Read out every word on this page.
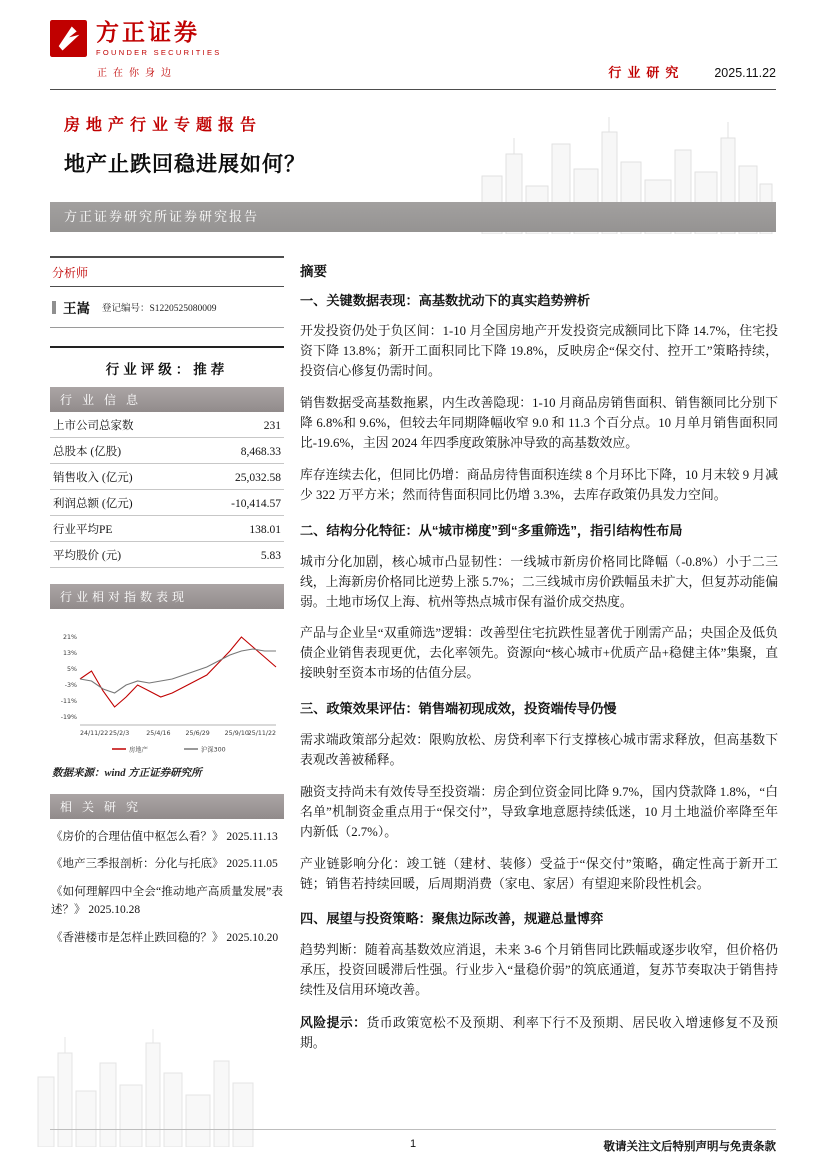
方正证券
FOUNDER SECURITIES
正在你身边	行业研究 2025.11.22
房地产行业专题报告
地产止跌回稳进展如何？
方正证券研究所证券研究报告
分析师
王嵩 登记编号：S1220525080009
行业评级：推荐
行业信息
上市公司总家数	231
总股本 (亿股)	8,468.33
销售收入 (亿元)	25,032.58
利润总额 (亿元)	-10,414.57
行业平均PE	138.01
平均股价 (元)	5.83
行业相对指数表现
21%
13%
5%
-3%
-11%
-19%
24/11/22 25/2/3	25/4/16 25/6/29 25/9/10
25/11/22
房地产	沪深300
数据来源：wind 方正证券研究所
相关研究
《房价的合理估值中枢怎么看？》 2025.11.13
《地产三季报剖析：分化与托底》 2025.11.05
《如何理解四中全会“推动地产高质量发展”表述？》 2025.10.28
《香港楼市是怎样止跌回稳的？》 2025.10.20
摘要

一、关键数据表现：高基数扰动下的真实趋势辨析

开发投资仍处于负区间：1-10 月全国房地产开发投资完成额同比下降 14.7%，住宅投资下降 13.8%；新开工面积同比下降 19.8%，反映房企“保交付、控开工”策略持续，投资信心修复仍需时间。

销售数据受高基数拖累，内生改善隐现：1-10 月商品房销售面积、销售额同比分别下降 6.8%和 9.6%，但较去年同期降幅收窄 9.0 和 11.3 个百分点。10 月单月销售面积同比-19.6%，主因 2024 年四季度政策脉冲导致的高基数效应。

库存连续去化，但同比仍增：商品房待售面积连续 8 个月环比下降，10 月末较 9 月减少 322 万平方米；然而待售面积同比仍增 3.3%，去库存政策仍具发力空间。

二、结构分化特征：从“城市梯度”到“多重筛选”，指引结构性布局

城市分化加剧，核心城市凸显韧性：一线城市新房价格同比降幅（-0.8%）小于二三线，上海新房价格同比逆势上涨 5.7%；二三线城市房价跌幅虽未扩大，但复苏动能偏弱。土地市场仅上海、杭州等热点城市保有溢价成交热度。

产品与企业呈“双重筛选”逻辑：改善型住宅抗跌性显著优于刚需产品；央国企及低负债企业销售表现更优，去化率领先。资源向“核心城市+优质产品+稳健主体”集聚，直接映射至资本市场的估值分层。

三、政策效果评估：销售端初现成效，投资端传导仍慢

需求端政策部分起效：限购放松、房贷利率下行支撑核心城市需求释放，但高基数下表观改善被稀释。

融资支持尚未有效传导至投资端：房企到位资金同比降 9.7%，国内贷款降 1.8%，“白名单”机制资金重点用于“保交付”，导致拿地意愿持续低迷，10 月土地溢价率降至年内新低（2.7%）。

产业链影响分化：竣工链（建材、装修）受益于“保交付”策略，确定性高于新开工链；销售若持续回暖，后周期消费（家电、家居）有望迎来阶段性机会。

四、展望与投资策略：聚焦边际改善，规避总量博弈

趋势判断：随着高基数效应消退，未来 3-6 个月销售同比跌幅或逐步收窄，但价格仍承压，投资回暖滞后性强。行业步入“量稳价弱”的筑底通道，复苏节奏取决于销售持续性及信用环境改善。

风险提示：货币政策宽松不及预期、利率下行不及预期、居民收入增速修复不及预期。

1	敬请关注文后特别声明与免责条款
